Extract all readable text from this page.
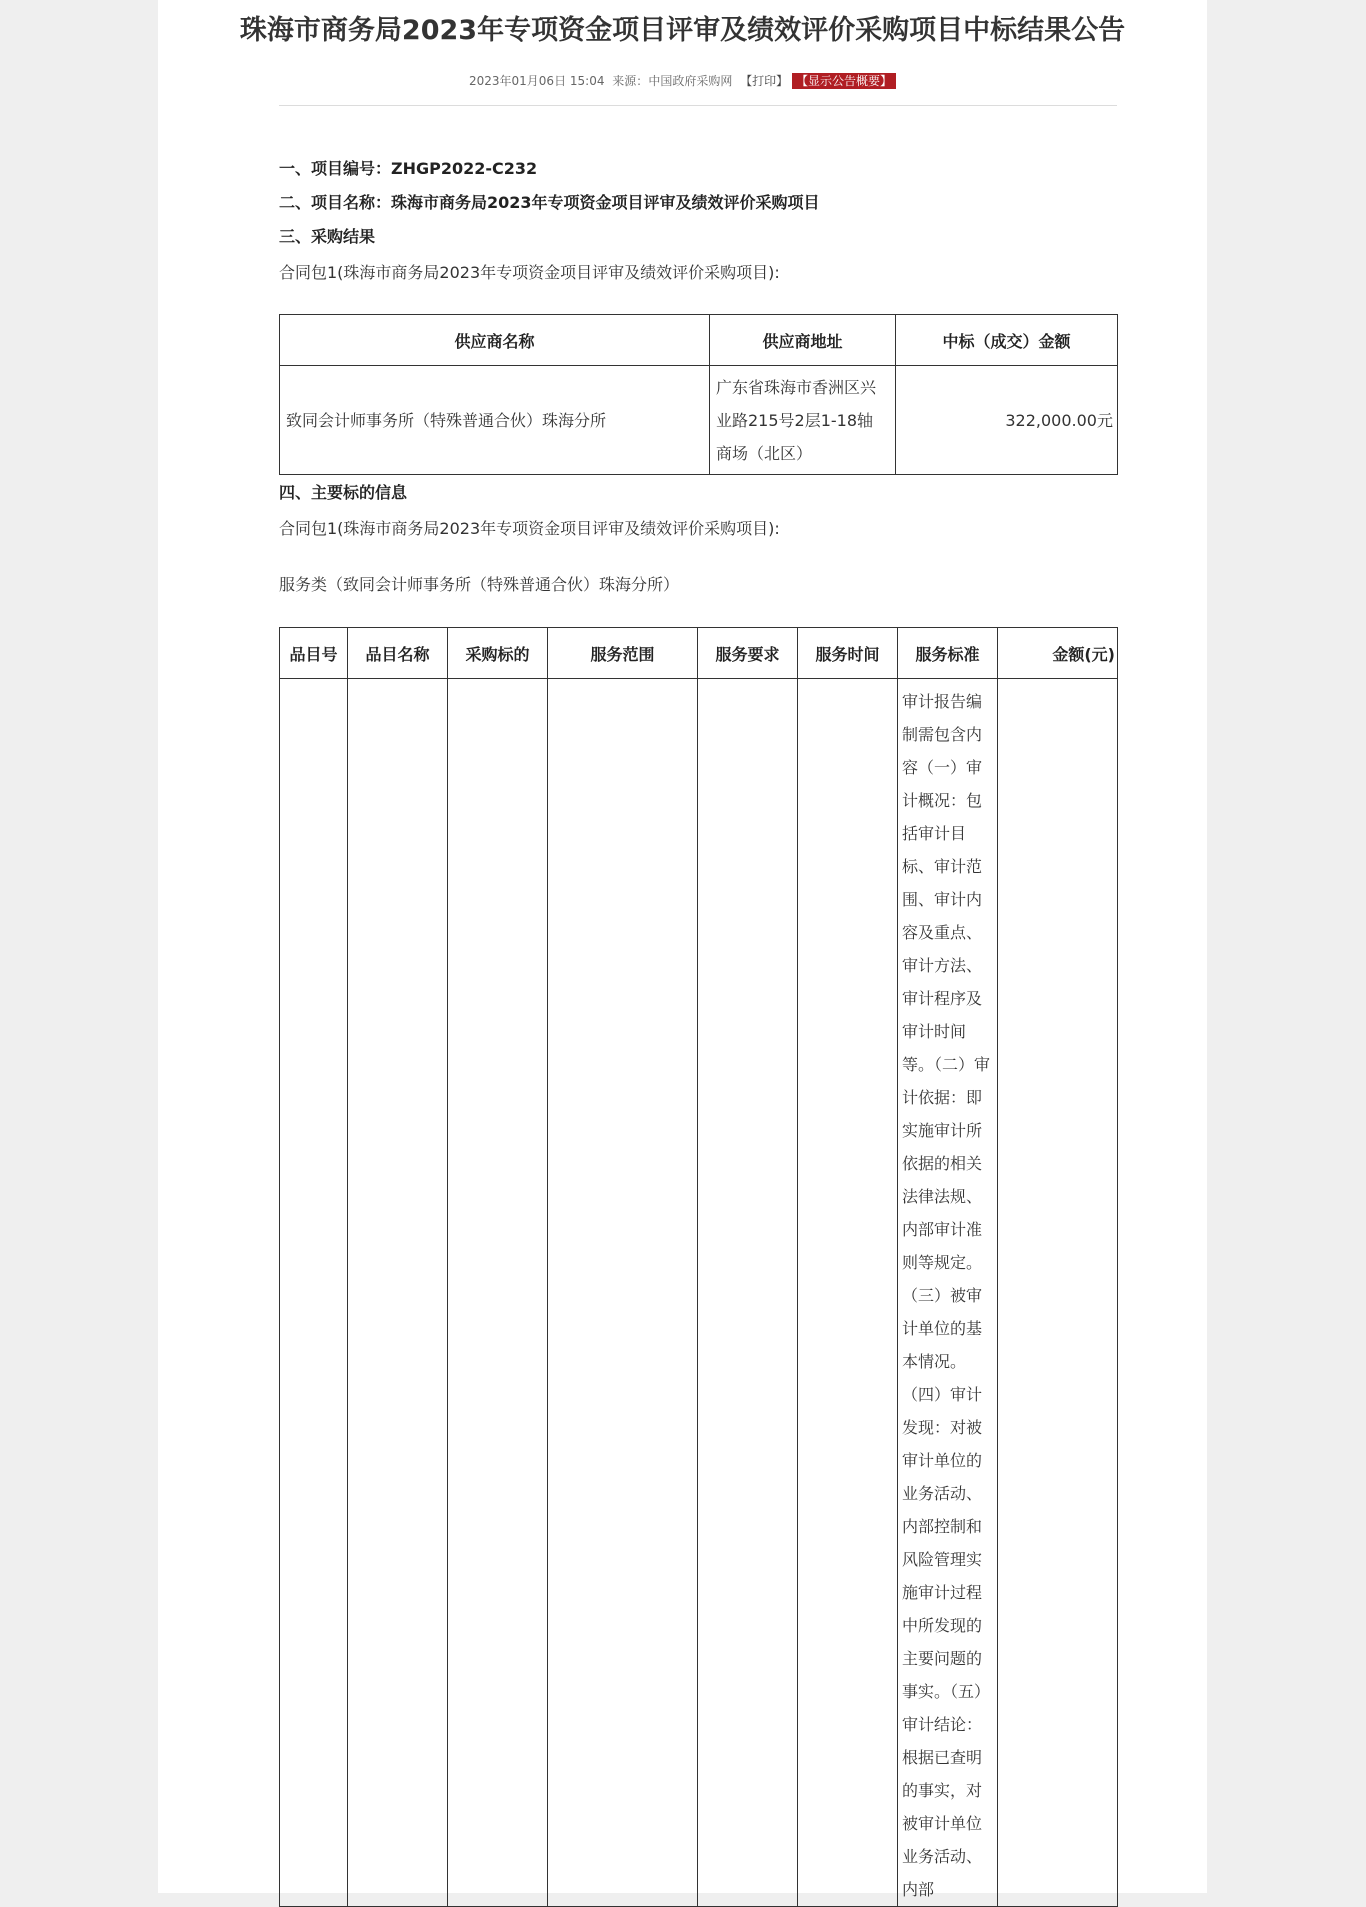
珠海市商务局2023年专项资金项目评审及绩效评价采购项目中标结果公告
2023年01月06日 15:04 来源：中国政府采购网 【打印】 【显示公告概要】
一、项目编号：ZHGP2022-C232
二、项目名称：珠海市商务局2023年专项资金项目评审及绩效评价采购项目
三、采购结果
合同包1(珠海市商务局2023年专项资金项目评审及绩效评价采购项目):
供应商名称	供应商地址	中标（成交）金额
致同会计师事务所（特殊普通合伙）珠海分所	广东省珠海市香洲区兴业路215号2层1-18轴商场（北区）	322,000.00元
四、主要标的信息
合同包1(珠海市商务局2023年专项资金项目评审及绩效评价采购项目):
服务类（致同会计师事务所（特殊普通合伙）珠海分所）
品目号	品目名称	采购标的	服务范围	服务要求	服务时间	服务标准	金额(元)
						审计报告编制需包含内容（一）审计概况：包括审计目标、审计范围、审计内容及重点、审计方法、审计程序及审计时间等。（二）审计依据：即实施审计所依据的相关法律法规、内部审计准则等规定。（三）被审计单位的基本情况。（四）审计发现：对被审计单位的业务活动、内部控制和风险管理实施审计过程中所发现的主要问题的事实。（五）审计结论：根据已查明的事实，对被审计单位业务活动、内部	
